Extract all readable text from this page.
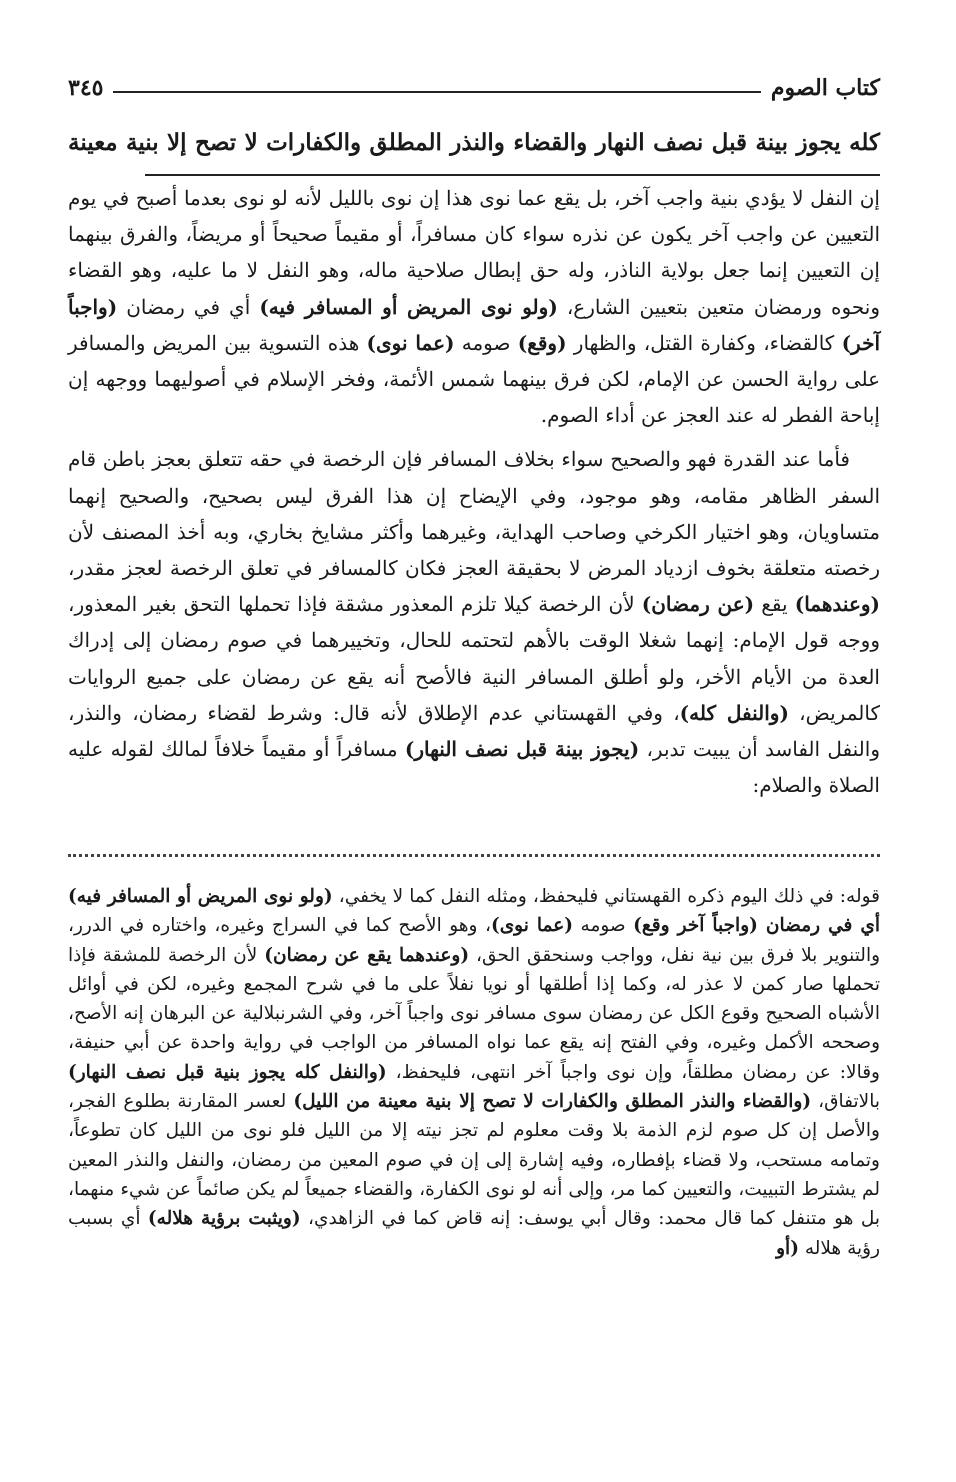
كتاب الصوم
٣٤٥
كله يجوز بينة قبل نصف النهار والقضاء والنذر المطلق والكفارات لا تصح إلا بنية معينة

إن النفل لا يؤدي بنية واجب آخر، بل يقع عما نوى هذا إن نوى بالليل لأنه لو نوى بعدما أصبح في يوم التعيين عن واجب آخر يكون عن نذره سواء كان مسافراً، أو مقيماً صحيحاً أو مريضاً، والفرق بينهما إن التعيين إنما جعل بولاية الناذر، وله حق إبطال صلاحية ماله، وهو النفل لا ما عليه، وهو القضاء ونحوه ورمضان متعين بتعيين الشارع، (ولو نوى المريض أو المسافر فيه) أي في رمضان (واجباً آخر) كالقضاء، وكفارة القتل، والظهار (وقع) صومه (عما نوى) هذه التسوية بين المريض والمسافر على رواية الحسن عن الإمام، لكن فرق بينهما شمس الأئمة، وفخر الإسلام في أصوليهما ووجهه إن إباحة الفطر له عند العجز عن أداء الصوم.

فأما عند القدرة فهو والصحيح سواء بخلاف المسافر فإن الرخصة في حقه تتعلق بعجز باطن قام السفر الظاهر مقامه، وهو موجود، وفي الإيضاح إن هذا الفرق ليس بصحيح، والصحيح إنهما متساويان، وهو اختيار الكرخي وصاحب الهداية، وغيرهما وأكثر مشايخ بخاري، وبه أخذ المصنف لأن رخصته متعلقة بخوف ازدياد المرض لا بحقيقة العجز فكان كالمسافر في تعلق الرخصة لعجز مقدر، (وعندهما) يقع (عن رمضان) لأن الرخصة كيلا تلزم المعذور مشقة فإذا تحملها التحق بغير المعذور، ووجه قول الإمام: إنهما شغلا الوقت بالأهم لتحتمه للحال، وتخييرهما في صوم رمضان إلى إدراك العدة من الأيام الأخر، ولو أطلق المسافر النية فالأصح أنه يقع عن رمضان على جميع الروايات كالمريض، (والنفل كله)، وفي القهستاني عدم الإطلاق لأنه قال: وشرط لقضاء رمضان، والنذر، والنفل الفاسد أن يبيت تدبر، (يجوز بينة قبل نصف النهار) مسافراً أو مقيماً خلافاً لمالك لقوله عليه الصلاة والصلام:

قوله: في ذلك اليوم ذكره القهستاني فليحفظ، ومثله النفل كما لا يخفي، (ولو نوى المريض أو المسافر فيه) أي في رمضان (واجباً آخر وقع) صومه (عما نوى)، وهو الأصح كما في السراج وغيره، واختاره في الدرر، والتنوير بلا فرق بين نية نفل، وواجب وسنحقق الحق، (وعندهما يقع عن رمضان) لأن الرخصة للمشقة فإذا تحملها صار كمن لا عذر له، وكما إذا أطلقها أو نويا نفلاً على ما في شرح المجمع وغيره، لكن في أوائل الأشباه الصحيح وقوع الكل عن رمضان سوى مسافر نوى واجباً آخر، وفي الشرنبلالية عن البرهان إنه الأصح، وصححه الأكمل وغيره، وفي الفتح إنه يقع عما نواه المسافر من الواجب في رواية واحدة عن أبي حنيفة، وقالا: عن رمضان مطلقاً، وإن نوى واجباً آخر انتهى، فليحفظ، (والنفل كله يجوز بنية قبل نصف النهار) بالاتفاق، (والقضاء والنذر المطلق والكفارات لا تصح إلا بنية معينة من الليل) لعسر المقارنة بطلوع الفجر، والأصل إن كل صوم لزم الذمة بلا وقت معلوم لم تجز نيته إلا من الليل فلو نوى من الليل كان تطوعاً، وتمامه مستحب، ولا قضاء بإفطاره، وفيه إشارة إلى إن في صوم المعين من رمضان، والنفل والنذر المعين لم يشترط التبييت، والتعيين كما مر، وإلى أنه لو نوى الكفارة، والقضاء جميعاً لم يكن صائماً عن شيء منهما، بل هو متنفل كما قال محمد: وقال أبي يوسف: إنه قاض كما في الزاهدي، (ويثبت برؤية هلاله) أي بسبب رؤية هلاله (أو
